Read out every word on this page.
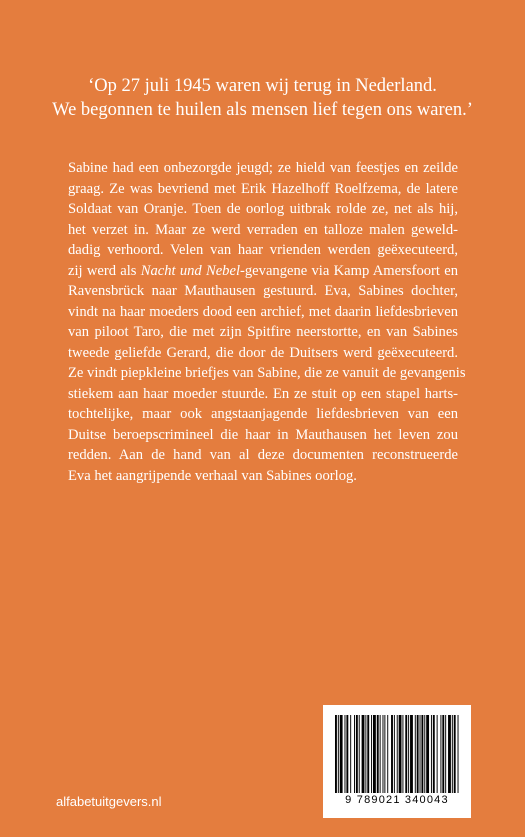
‘Op 27 juli 1945 waren wij terug in Nederland.
We begonnen te huilen als mensen lief tegen ons waren.’
Sabine had een onbezorgde jeugd; ze hield van feestjes en zeilde
graag. Ze was bevriend met Erik Hazelhoff Roelfzema, de latere
Soldaat van Oranje. Toen de oorlog uitbrak rolde ze, net als hij,
het verzet in. Maar ze werd verraden en talloze malen geweld-
dadig verhoord. Velen van haar vrienden werden geëxecuteerd,
zij werd als Nacht und Nebel-gevangene via Kamp Amersfoort en
Ravensbrück naar Mauthausen gestuurd. Eva, Sabines dochter,
vindt na haar moeders dood een archief, met daarin liefdesbrieven
van piloot Taro, die met zijn Spitfire neerstortte, en van Sabines
tweede geliefde Gerard, die door de Duitsers werd geëxecuteerd.
Ze vindt piepkleine briefjes van Sabine, die ze vanuit de gevangenis
stiekem aan haar moeder stuurde. En ze stuit op een stapel harts-
tochtelijke, maar ook angstaanjagende liefdesbrieven van een
Duitse beroepscrimineel die haar in Mauthausen het leven zou
redden. Aan de hand van al deze documenten reconstrueerde
Eva het aangrijpende verhaal van Sabines oorlog.
9 789021 340043
alfabetuitgevers.nl
